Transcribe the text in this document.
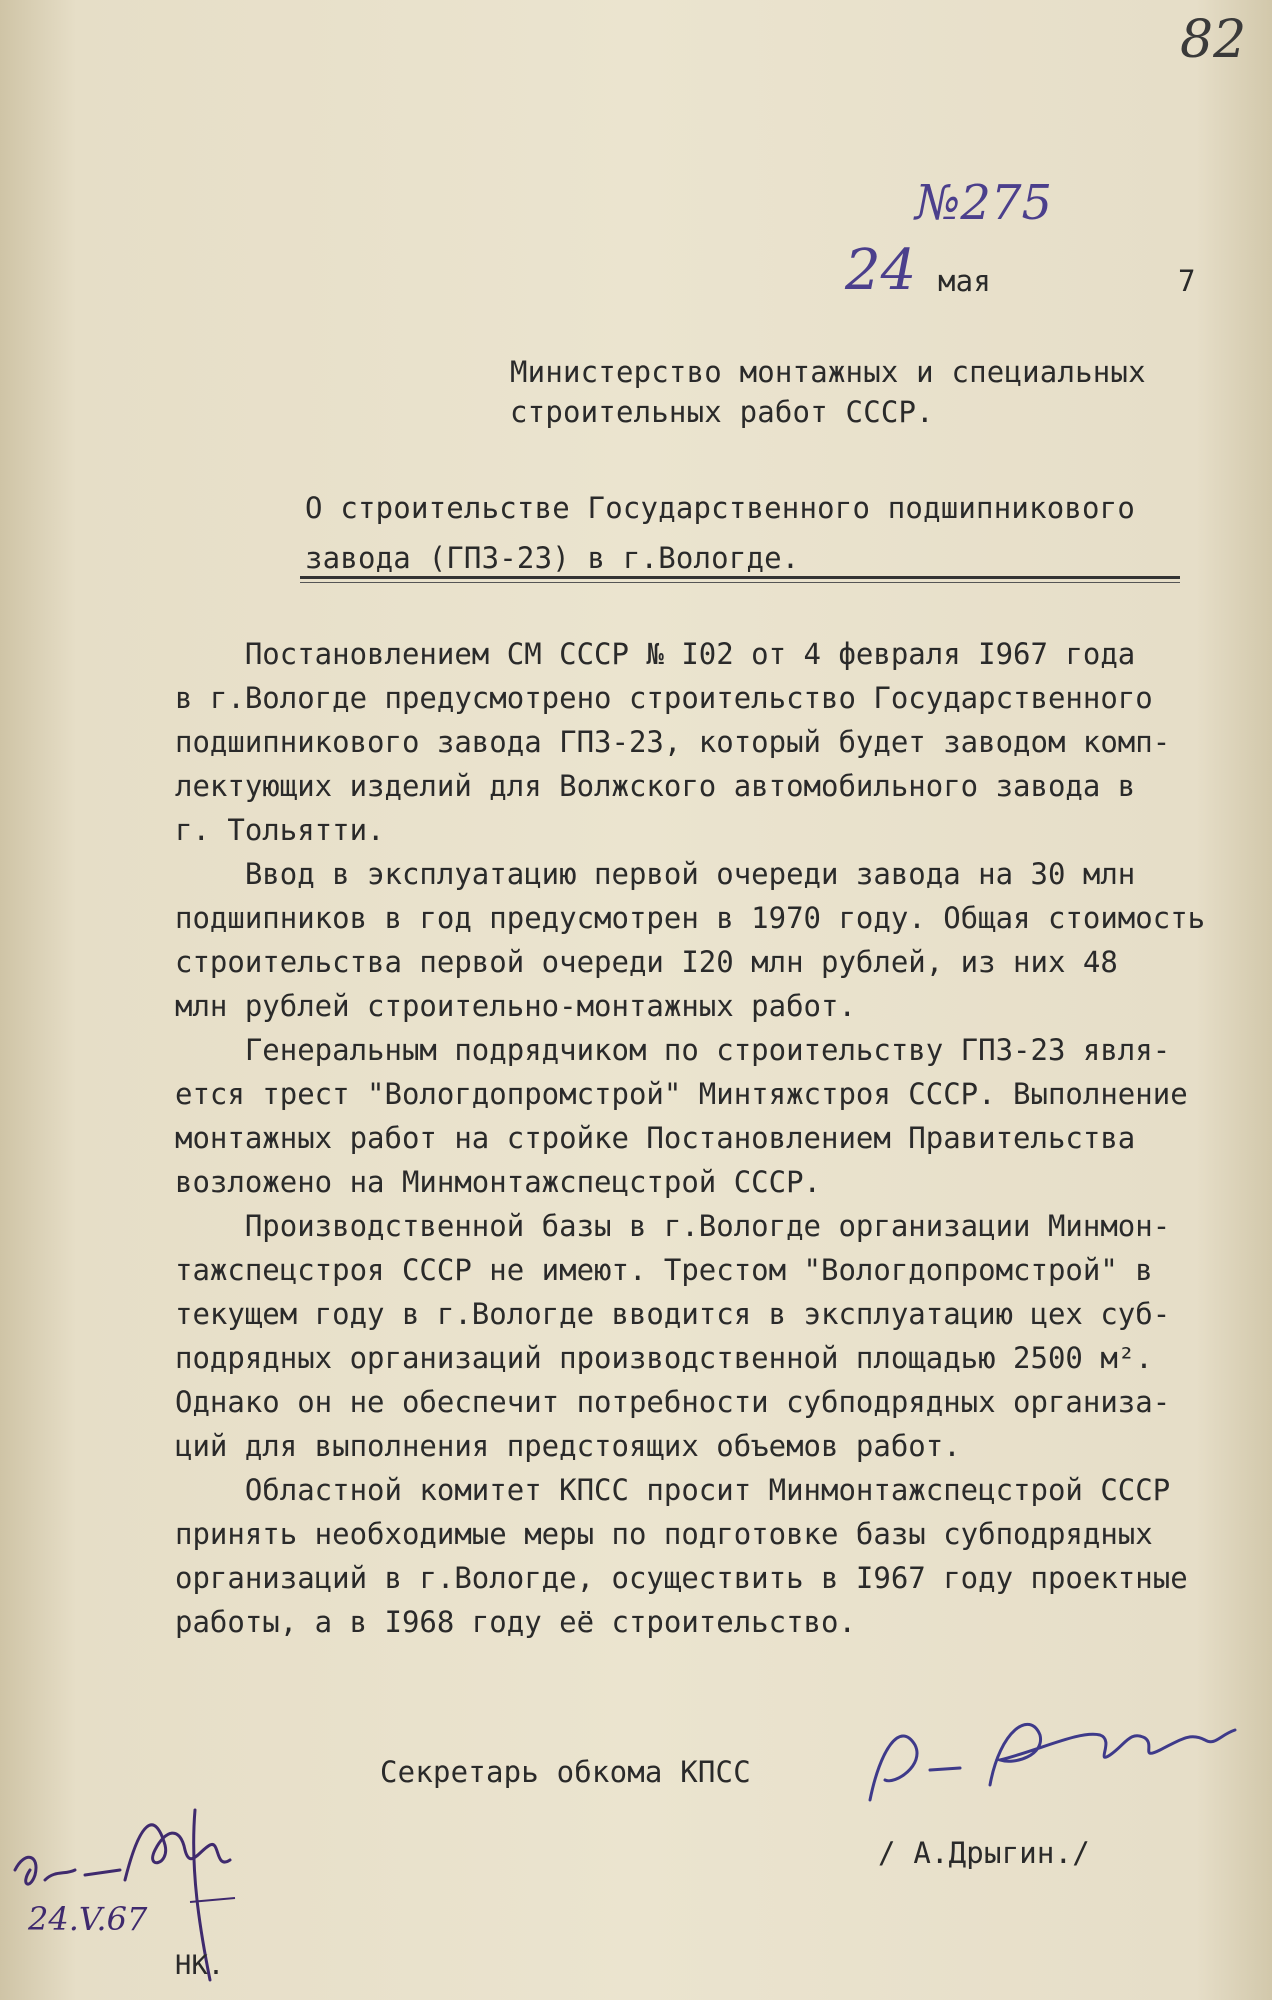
82
№275
24 мая	7
Министерство монтажных и специальных
строительных работ СССР.
О строительстве Государственного подшипникового
завода (ГПЗ-23) в г.Вологде.

Постановлением СМ СССР № I02 от 4 февраля I967 года

в г.Вологде предусмотрено строительство Государственного

подшипникового завода ГПЗ-23, который будет заводом комп-

лектующих изделий для Волжского автомобильного завода в

г. Тольятти.

Ввод в эксплуатацию первой очереди завода на 30 млн

подшипников в год предусмотрен в 1970 году. Общая стоимость

строительства первой очереди I20 млн рублей, из них 48

млн рублей строительно-монтажных работ.

Генеральным подрядчиком по строительству ГПЗ-23 явля-

ется трест "Вологдопромстрой" Минтяжстроя СССР. Выполнение

монтажных работ на стройке Постановлением Правительства

возложено на Минмонтажспецстрой СССР.

Производственной базы в г.Вологде организации Минмон-

тажспецстроя СССР не имеют. Трестом "Вологдопромстрой" в

текущем году в г.Вологде вводится в эксплуатацию цех суб-

подрядных организаций производственной площадью 2500 м².

Однако он не обеспечит потребности субподрядных организа-

ций для выполнения предстоящих объемов работ.

Областной комитет КПСС просит Минмонтажспецстрой СССР

принять необходимые меры по подготовке базы субподрядных

организаций в г.Вологде, осуществить в I967 году проектные

работы, а в I968 году её строительство.

Секретарь обкома КПСС
/ А.Дрыгин./
24.V.67
НК.
